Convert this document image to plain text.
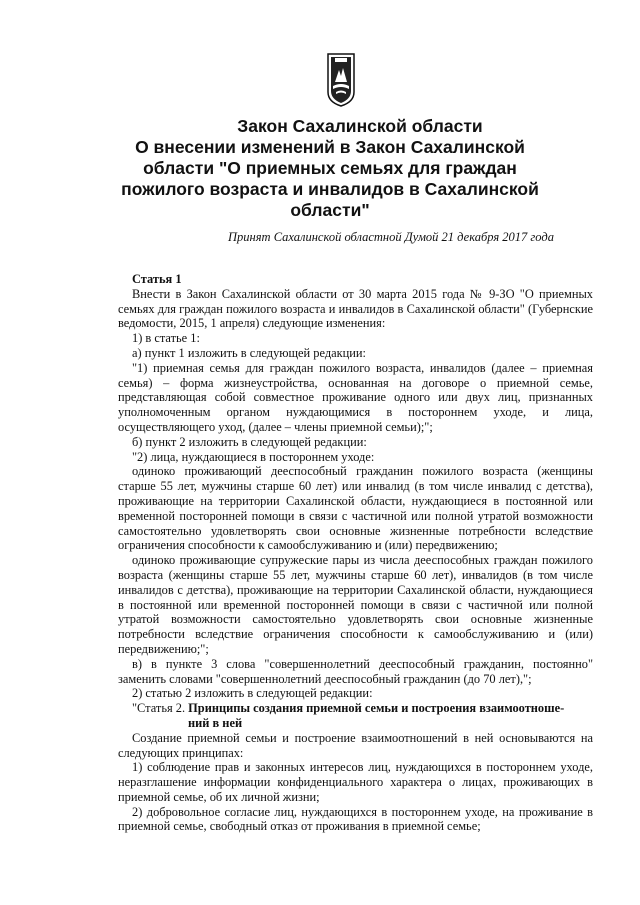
Закон Сахалинской области
О внесении изменений в Закон Сахалинской
области "О приемных семьях для граждан
пожилого возраста и инвалидов в Сахалинской
области"
Принят Сахалинской областной Думой 21 декабря 2017 года

Статья 1

Внести в Закон Сахалинской области от 30 марта 2015 года № 9-ЗО "О приемных семьях для граждан пожилого возраста и инвалидов в Сахалинской области" (Губернские ведомости, 2015, 1 апреля) следующие изменения:

1) в статье 1:

а) пункт 1 изложить в следующей редакции:

"1) приемная семья для граждан пожилого возраста, инвалидов (далее – приемная семья) – форма жизнеустройства, основанная на договоре о приемной семье, представляющая собой совместное проживание одного или двух лиц, признанных уполномоченным органом нуждающимися в постороннем уходе, и лица, осуществляющего уход, (далее – члены приемной семьи);";

б) пункт 2 изложить в следующей редакции:

"2) лица, нуждающиеся в постороннем уходе:

одиноко проживающий дееспособный гражданин пожилого возраста (женщины старше 55 лет, мужчины старше 60 лет) или инвалид (в том числе инвалид с детства), проживающие на территории Сахалинской области, нуждающиеся в постоянной или временной посторонней помощи в связи с частичной или полной утратой возможности самостоятельно удовлетворять свои основные жизненные потребности вследствие ограничения способности к самообслуживанию и (или) передвижению;

одиноко проживающие супружеские пары из числа дееспособных граждан пожилого возраста (женщины старше 55 лет, мужчины старше 60 лет), инвалидов (в том числе инвалидов с детства), проживающие на территории Сахалинской области, нуждающиеся в постоянной или временной посторонней помощи в связи с частичной или полной утратой возможности самостоятельно удовлетворять свои основные жизненные потребности вследствие ограничения способности к самообслуживанию и (или) передвижению;";

в) в пункте 3 слова "совершеннолетний дееспособный гражданин, постоянно" заменить словами "совершеннолетний дееспособный гражданин (до 70 лет),";

2) статью 2 изложить в следующей редакции:

"Статья 2. Принципы создания приемной семьи и построения взаимоотноше-

ний в ней

Создание приемной семьи и построение взаимоотношений в ней основываются на следующих принципах:

1) соблюдение прав и законных интересов лиц, нуждающихся в постороннем уходе, неразглашение информации конфиденциального характера о лицах, проживающих в приемной семье, об их личной жизни;

2) добровольное согласие лиц, нуждающихся в постороннем уходе, на проживание в приемной семье, свободный отказ от проживания в приемной семье;
